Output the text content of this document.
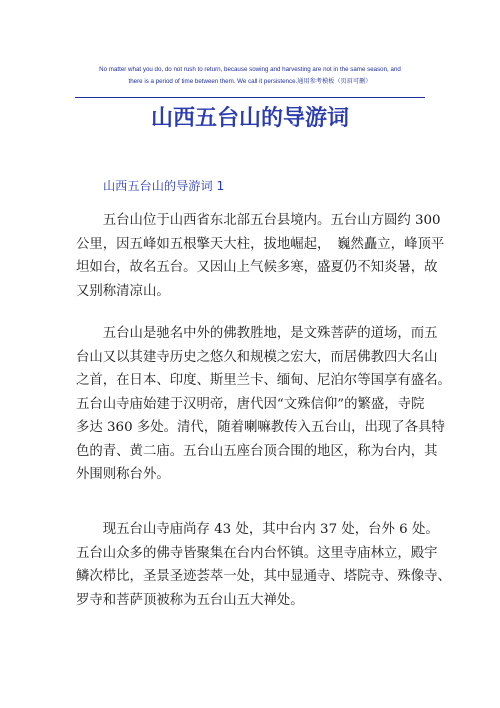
No matter what you do, do not rush to return, because sowing and harvesting are not in the same season, and
there is a period of time between them. We call it persistence.通用参考模板（页眉可删）
山西五台山的导游词
山西五台山的导游词 1

　　五台山位于山西省东北部五台县境内。五台山方圆约 300
公里，因五峰如五根擎天大柱，拔地崛起，　巍然矗立，峰顶平
坦如台，故名五台。又因山上气候多寒，盛夏仍不知炎暑，故
又别称清凉山。

　　五台山是驰名中外的佛教胜地，是文殊菩萨的道场，而五
台山又以其建寺历史之悠久和规模之宏大，而居佛教四大名山
之首，在日本、印度、斯里兰卡、缅甸、尼泊尔等国享有盛名。
五台山寺庙始建于汉明帝，唐代因“文殊信仰”的繁盛，寺院
多达 360 多处。清代，随着喇嘛教传入五台山，出现了各具特
色的青、黄二庙。五台山五座台顶合围的地区，称为台内，其
外围则称台外。

　　现五台山寺庙尚存 43 处，其中台内 37 处，台外 6 处。
五台山众多的佛寺皆聚集在台内台怀镇。这里寺庙林立，殿宇
鳞次栉比，圣景圣迹荟萃一处，其中显通寺、塔院寺、殊像寺、
罗寺和菩萨顶被称为五台山五大禅处。
